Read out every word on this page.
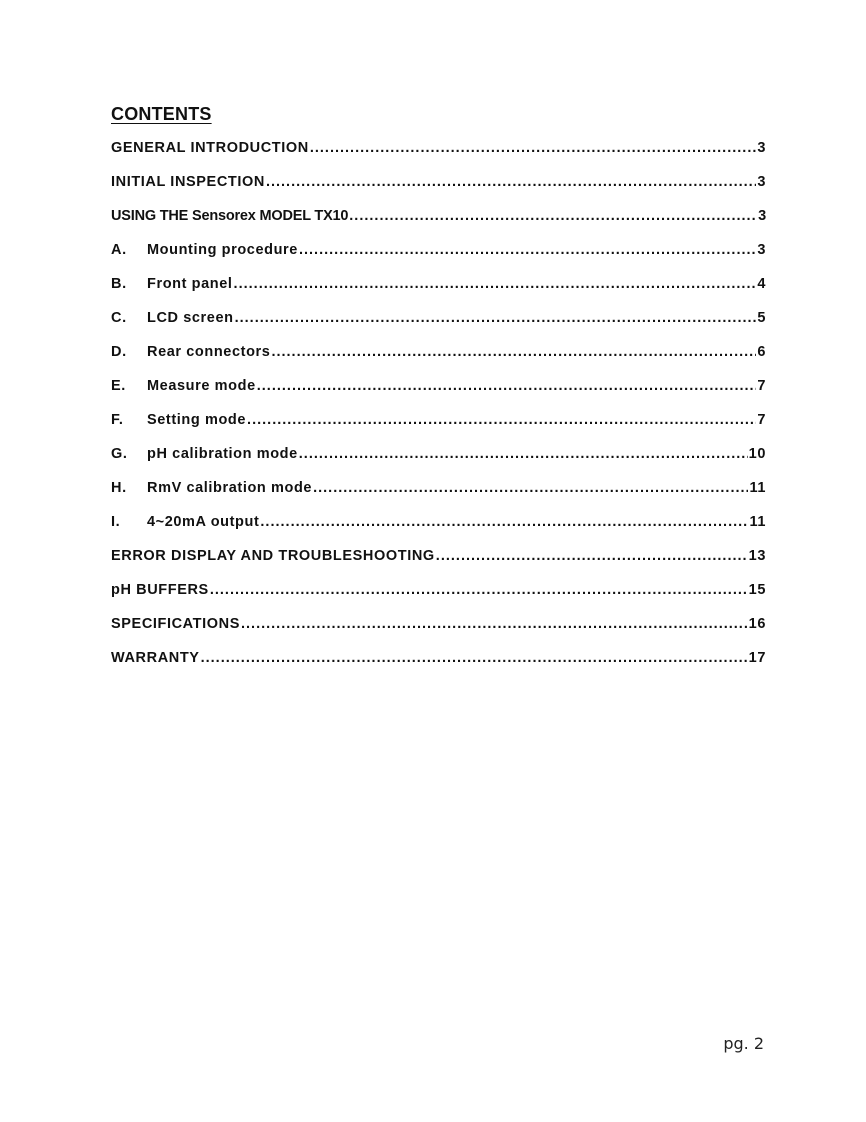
CONTENTS
GENERAL INTRODUCTION .....	3
INITIAL INSPECTION .....	3
USING THE Sensorex MODEL TX10 .....	3
A.	Mounting procedure .....	3
B.	Front panel .....	4
C.	LCD screen .....	5
D.	Rear connectors .....	6
E.	Measure mode .....	7
F.	Setting mode .....	7
G.	pH calibration mode .....	10
H.	RmV calibration mode .....	11
I.	4~20mA output .....	11
ERROR DISPLAY AND TROUBLESHOOTING .....	13
pH BUFFERS .....	15
SPECIFICATIONS .....	16
WARRANTY .....	17
pg. 2
